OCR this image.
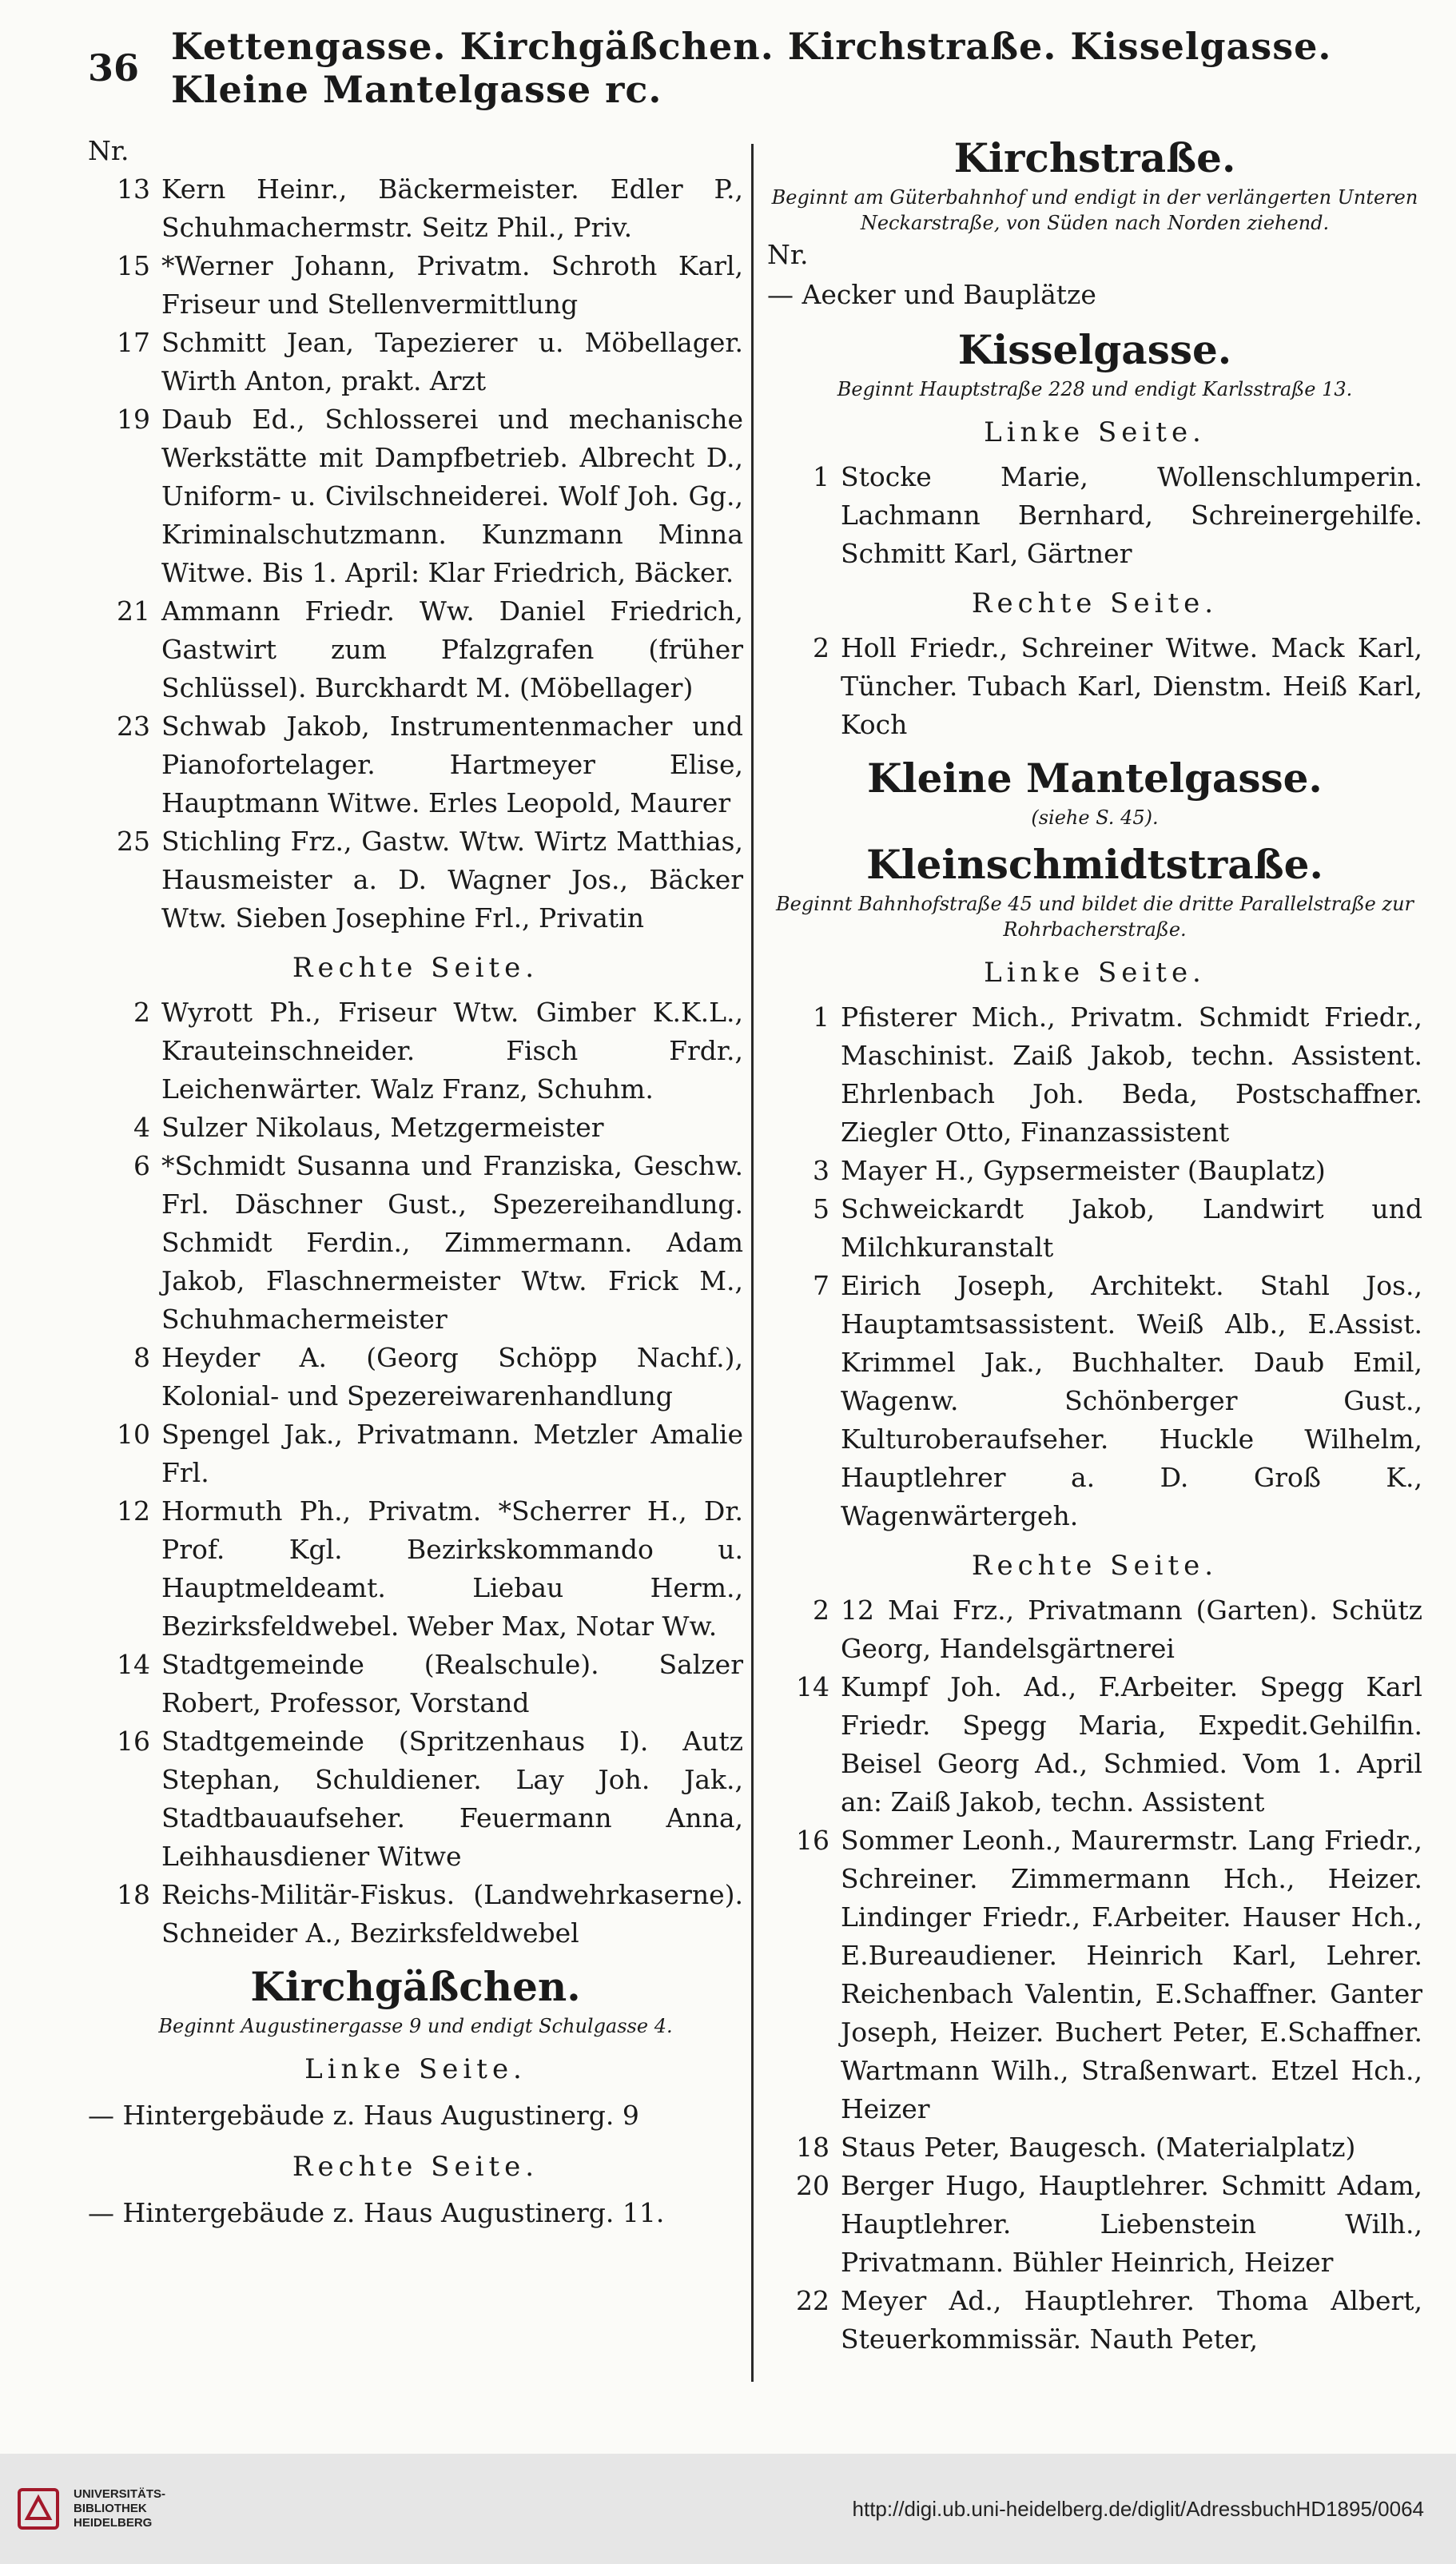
36 Kettengasse. Kirchgäßchen. Kirchstraße. Kisselgasse. Kleine Mantelgasse rc.
Nr.
13 Kern Heinr., Bäckermeister. Edler P., Schuhmachermstr. Seitz Phil., Priv.
15 *Werner Johann, Privatm. Schroth Karl, Friseur und Stellenvermittlung
17 Schmitt Jean, Tapezierer u. Möbellager. Wirth Anton, prakt. Arzt
19 Daub Ed., Schlosserei und mechanische Werkstätte mit Dampfbetrieb. Albrecht D., Uniform- u. Civilschneiderei. Wolf Joh. Gg., Kriminalschutzmann. Kunzmann Minna Witwe. Bis 1. April: Klar Friedrich, Bäcker.
21 Ammann Friedr. Ww. Daniel Friedrich, Gastwirt zum Pfalzgrafen (früher Schlüssel). Burckhardt M. (Möbellager)
23 Schwab Jakob, Instrumentenmacher und Pianofortelager. Hartmeyer Elise, Hauptmann Witwe. Erles Leopold, Maurer
25 Stichling Frz., Gastw. Wtw. Wirtz Matthias, Hausmeister a. D. Wagner Jos., Bäcker Wtw. Sieben Josephine Frl., Privatin
Rechte Seite.
2 Wyrott Ph., Friseur Wtw. Gimber K.K.L., Krauteinschneider. Fisch Frdr., Leichenwärter. Walz Franz, Schuhm.
4 Sulzer Nikolaus, Metzgermeister
6 *Schmidt Susanna und Franziska, Geschw. Frl. Däschner Gust., Spezereihandlung. Schmidt Ferdin., Zimmermann. Adam Jakob, Flaschnermeister Wtw. Frick M., Schuhmachermeister
8 Heyder A. (Georg Schöpp Nachf.), Kolonial- und Spezereiwarenhandlung
10 Spengel Jak., Privatmann. Metzler Amalie Frl.
12 Hormuth Ph., Privatm. *Scherrer H., Dr. Prof. Kgl. Bezirkskommando u. Hauptmeldeamt. Liebau Herm., Bezirksfeldwebel. Weber Max, Notar Ww.
14 Stadtgemeinde (Realschule). Salzer Robert, Professor, Vorstand
16 Stadtgemeinde (Spritzenhaus I). Autz Stephan, Schuldiener. Lay Joh. Jak., Stadtbauaufseher. Feuermann Anna, Leihhausdiener Witwe
18 Reichs-Militär-Fiskus. (Landwehrkaserne). Schneider A., Bezirksfeldwebel
Kirchgäßchen.
Beginnt Augustinergasse 9 und endigt Schulgasse 4.
Linke Seite.
— Hintergebäude z. Haus Augustinerg. 9
Rechte Seite.
— Hintergebäude z. Haus Augustinerg. 11.
Kirchstraße.
Beginnt am Güterbahnhof und endigt in der verlängerten Unteren Neckarstraße, von Süden nach Norden ziehend.
Nr.
— Aecker und Bauplätze
Kisselgasse.
Beginnt Hauptstraße 228 und endigt Karlsstraße 13.
Linke Seite.
1 Stocke Marie, Wollenschlumperin. Lachmann Bernhard, Schreinergehilfe. Schmitt Karl, Gärtner
Rechte Seite.
2 Holl Friedr., Schreiner Witwe. Mack Karl, Tüncher. Tubach Karl, Dienstm. Heiß Karl, Koch
Kleine Mantelgasse.
(siehe S. 45).
Kleinschmidtstraße.
Beginnt Bahnhofstraße 45 und bildet die dritte Parallelstraße zur Rohrbacherstraße.
Linke Seite.
1 Pfisterer Mich., Privatm. Schmidt Friedr., Maschinist. Zaiß Jakob, techn. Assistent. Ehrlenbach Joh. Beda, Postschaffner. Ziegler Otto, Finanzassistent
3 Mayer H., Gypsermeister (Bauplatz)
5 Schweickardt Jakob, Landwirt und Milchkuranstalt
7 Eirich Joseph, Architekt. Stahl Jos., Hauptamtsassistent. Weiß Alb., E.Assist. Krimmel Jak., Buchhalter. Daub Emil, Wagenw. Schönberger Gust., Kulturoberaufseher. Huckle Wilhelm, Hauptlehrer a. D. Groß K., Wagenwärtergeh.
Rechte Seite.
2 12 Mai Frz., Privatmann (Garten). Schütz Georg, Handelsgärtnerei
14 Kumpf Joh. Ad., F.Arbeiter. Spegg Karl Friedr. Spegg Maria, Expedit.Gehilfin. Beisel Georg Ad., Schmied. Vom 1. April an: Zaiß Jakob, techn. Assistent
16 Sommer Leonh., Maurermstr. Lang Friedr., Schreiner. Zimmermann Hch., Heizer. Lindinger Friedr., F.Arbeiter. Hauser Hch., E.Bureaudiener. Heinrich Karl, Lehrer. Reichenbach Valentin, E.Schaffner. Ganter Joseph, Heizer. Buchert Peter, E.Schaffner. Wartmann Wilh., Straßenwart. Etzel Hch., Heizer
18 Staus Peter, Baugesch. (Materialplatz)
20 Berger Hugo, Hauptlehrer. Schmitt Adam, Hauptlehrer. Liebenstein Wilh., Privatmann. Bühler Heinrich, Heizer
22 Meyer Ad., Hauptlehrer. Thoma Albert, Steuerkommissär. Nauth Peter,
UNIVERSITÄTS-
BIBLIOTHEK
HEIDELBERG
http://digi.ub.uni-heidelberg.de/diglit/AdressbuchHD1895/0064
